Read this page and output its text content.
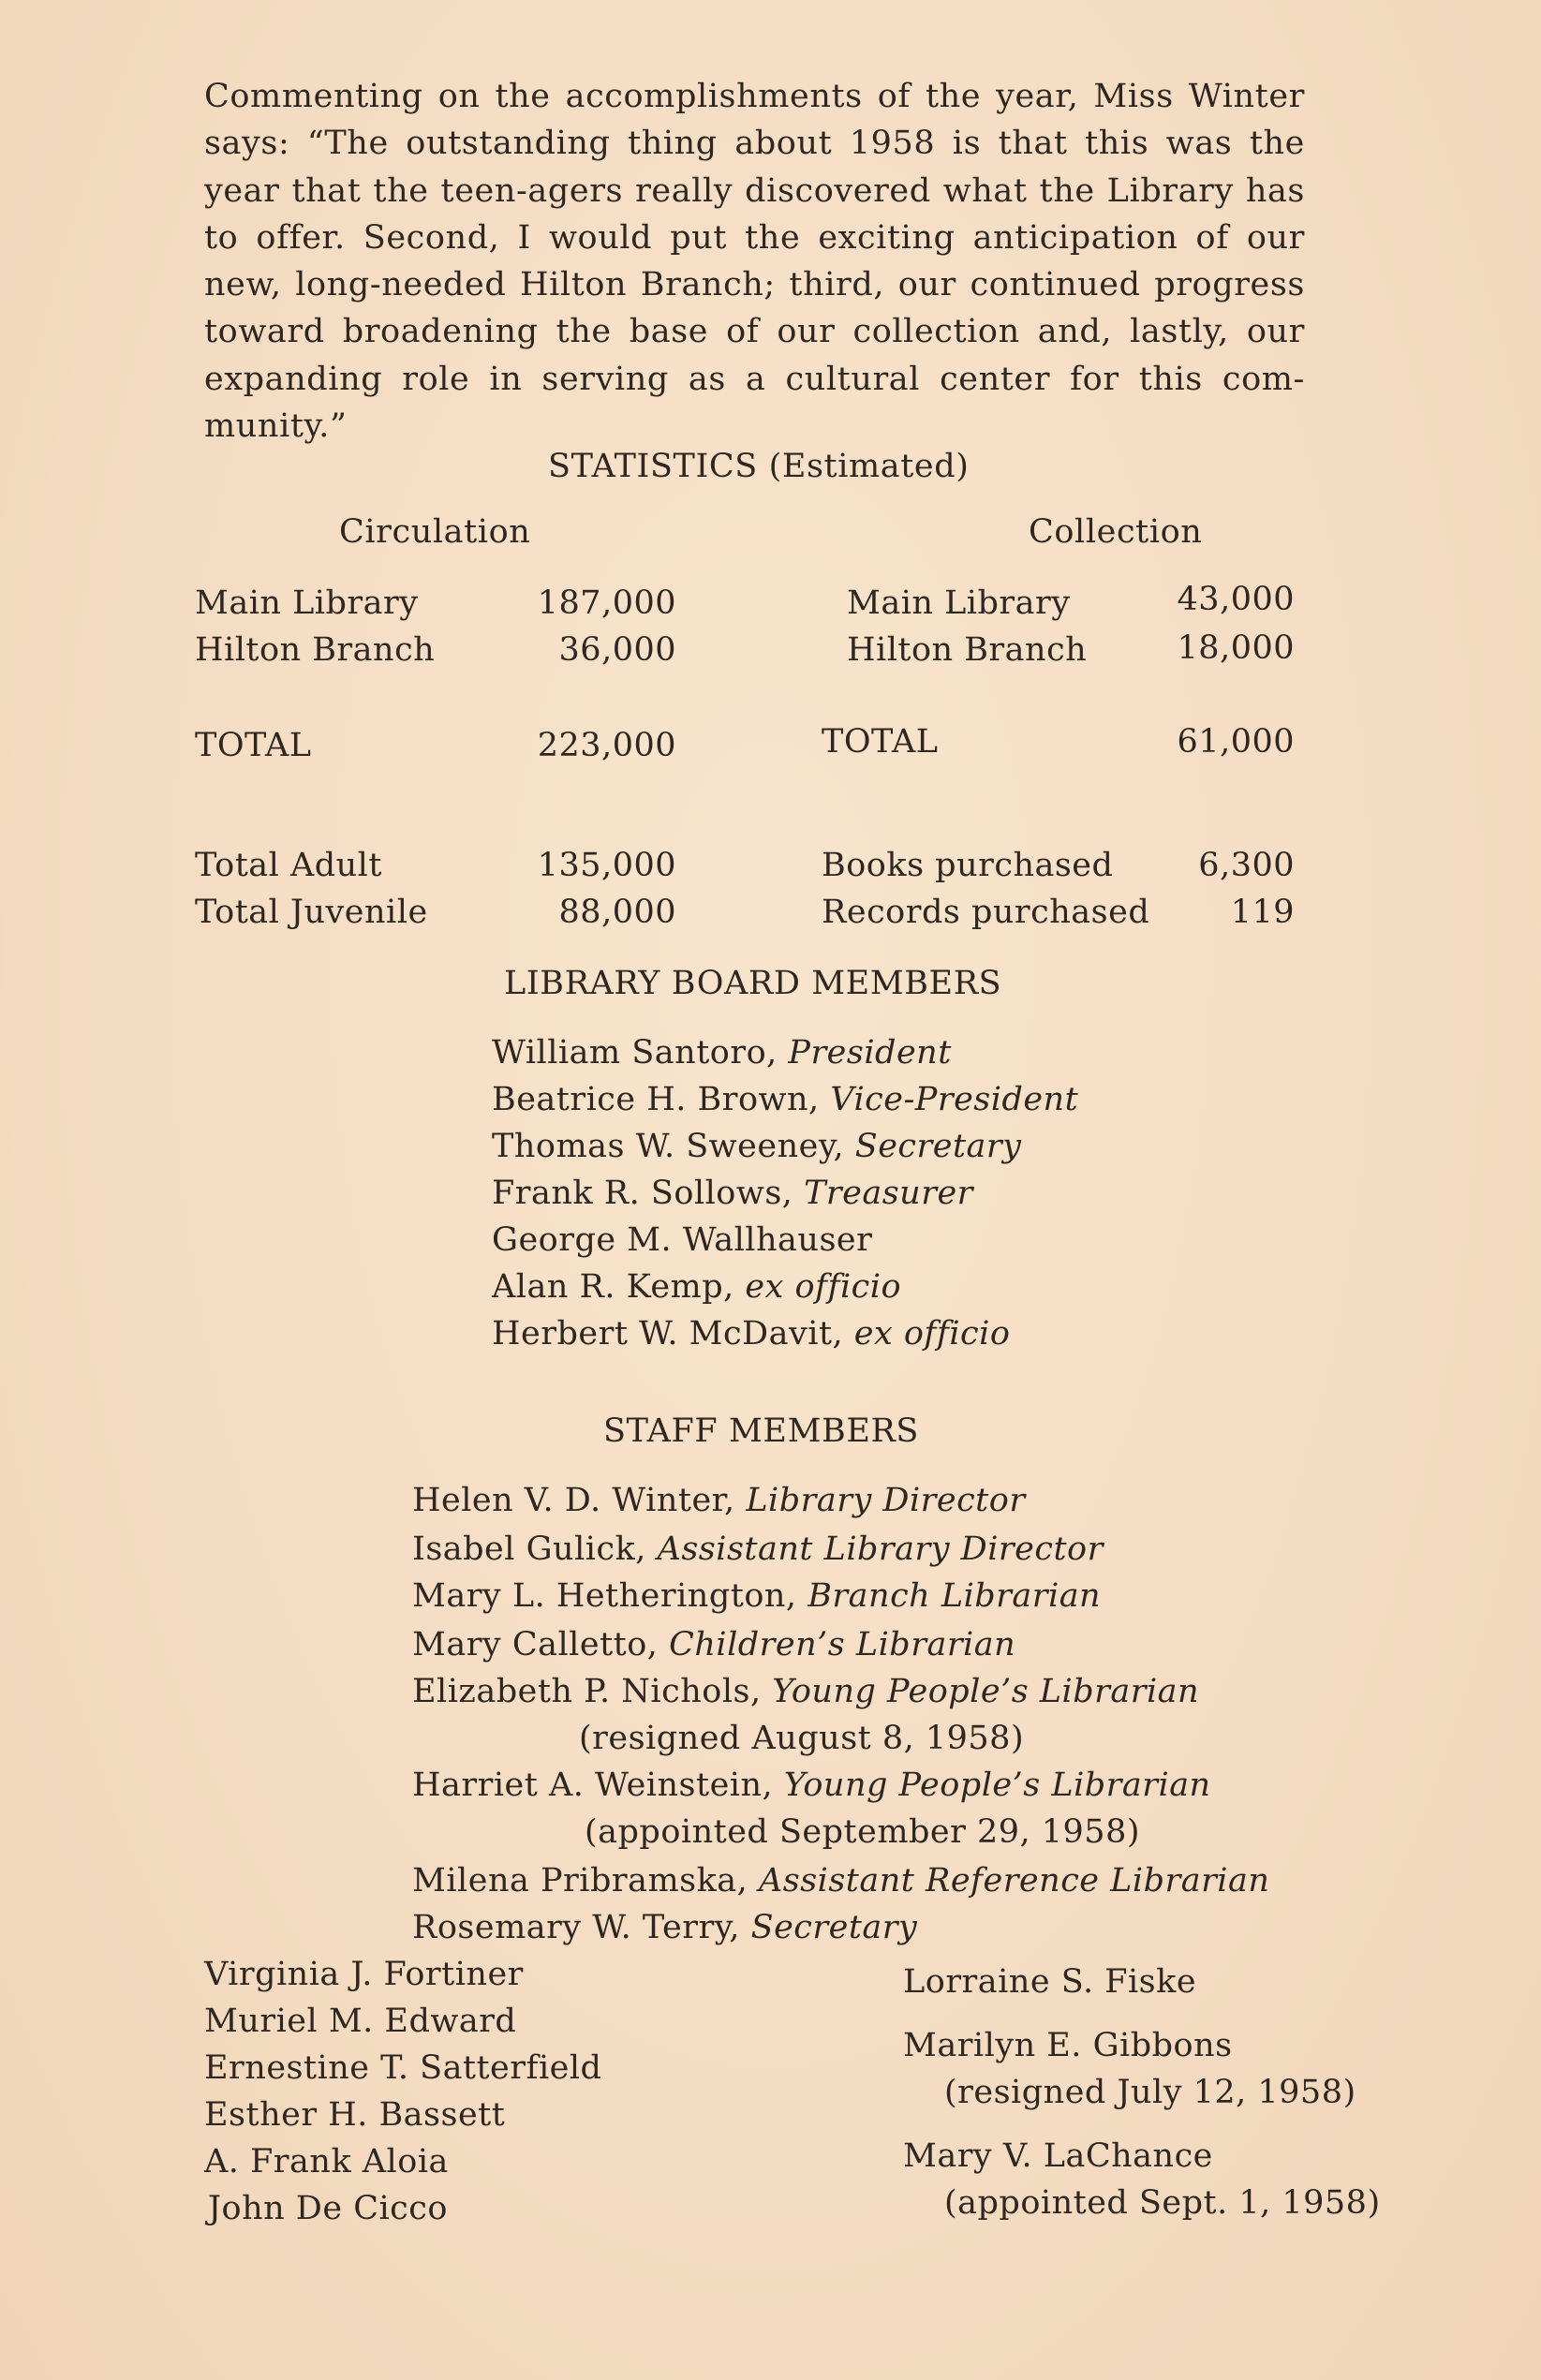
Commenting on the accomplishments of the year, Miss Winter
says: “The outstanding thing about 1958 is that this was the
year that the teen-agers really discovered what the Library has
to offer. Second, I would put the exciting anticipation of our
new, long-needed Hilton Branch; third, our continued progress
toward broadening the base of our collection and, lastly, our
expanding role in serving as a cultural center for this com-
munity.”
STATISTICS (Estimated)
Circulation	Collection
Main Library	187,000
Hilton Branch	36,000
TOTAL	223,000
Total Adult	135,000
Total Juvenile	88,000
Main Library	43,000
Hilton Branch	18,000
TOTAL	61,000
Books purchased	6,300
Records purchased	119
LIBRARY BOARD MEMBERS
William Santoro, President
Beatrice H. Brown, Vice-President
Thomas W. Sweeney, Secretary
Frank R. Sollows, Treasurer
George M. Wallhauser
Alan R. Kemp, ex officio
Herbert W. McDavit, ex officio
STAFF MEMBERS
Helen V. D. Winter, Library Director
Isabel Gulick, Assistant Library Director
Mary L. Hetherington, Branch Librarian
Mary Calletto, Children’s Librarian
Elizabeth P. Nichols, Young People’s Librarian
(resigned August 8, 1958)
Harriet A. Weinstein, Young People’s Librarian
(appointed September 29, 1958)
Milena Pribramska, Assistant Reference Librarian
Rosemary W. Terry, Secretary
Virginia J. Fortiner
Muriel M. Edward
Ernestine T. Satterfield
Esther H. Bassett
A. Frank Aloia
John De Cicco
Lorraine S. Fiske
Marilyn E. Gibbons
(resigned July 12, 1958)
Mary V. LaChance
(appointed Sept. 1, 1958)
